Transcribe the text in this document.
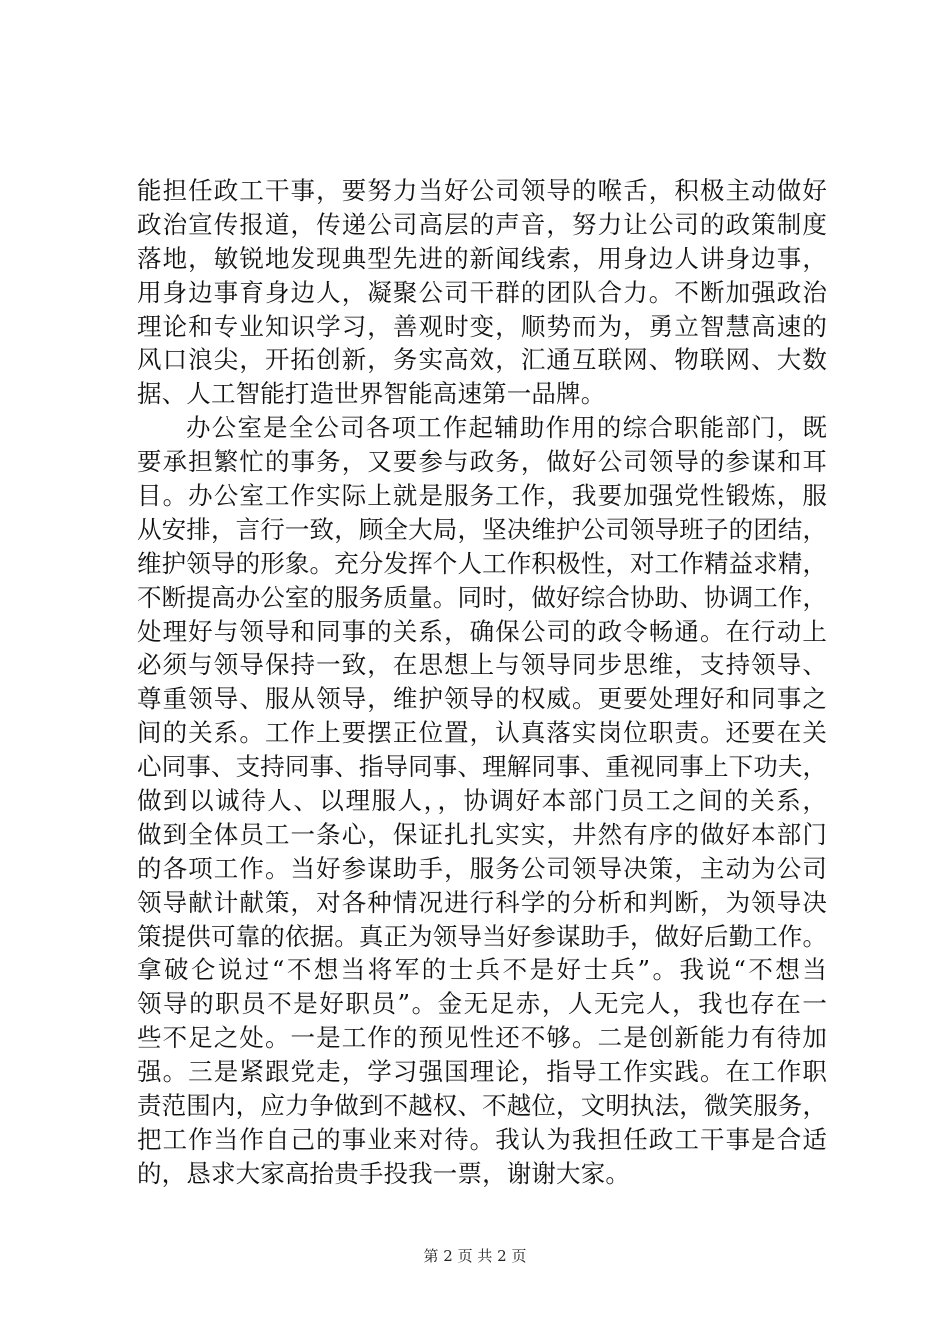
能担任政工干事，要努力当好公司领导的喉舌，积极主动做好
政治宣传报道，传递公司高层的声音，努力让公司的政策制度
落地，敏锐地发现典型先进的新闻线索，用身边人讲身边事，
用身边事育身边人，凝聚公司干群的团队合力。不断加强政治
理论和专业知识学习，善观时变，顺势而为，勇立智慧高速的
风口浪尖，开拓创新，务实高效，汇通互联网、物联网、大数
据、人工智能打造世界智能高速第一品牌。
办公室是全公司各项工作起辅助作用的综合职能部门，既
要承担繁忙的事务，又要参与政务，做好公司领导的参谋和耳
目。办公室工作实际上就是服务工作，我要加强党性锻炼，服
从安排，言行一致，顾全大局，坚决维护公司领导班子的团结，
维护领导的形象。充分发挥个人工作积极性，对工作精益求精，
不断提高办公室的服务质量。同时，做好综合协助、协调工作，
处理好与领导和同事的关系，确保公司的政令畅通。在行动上
必须与领导保持一致，在思想上与领导同步思维，支持领导、
尊重领导、服从领导，维护领导的权威。更要处理好和同事之
间的关系。工作上要摆正位置，认真落实岗位职责。还要在关
心同事、支持同事、指导同事、理解同事、重视同事上下功夫，
做到以诚待人、以理服人，，协调好本部门员工之间的关系，
做到全体员工一条心，保证扎扎实实，井然有序的做好本部门
的各项工作。当好参谋助手，服务公司领导决策，主动为公司
领导献计献策，对各种情况进行科学的分析和判断，为领导决
策提供可靠的依据。真正为领导当好参谋助手，做好后勤工作。
拿破仑说过“不想当将军的士兵不是好士兵”。我说“不想当
领导的职员不是好职员”。金无足赤，人无完人，我也存在一
些不足之处。一是工作的预见性还不够。二是创新能力有待加
强。三是紧跟党走，学习强国理论，指导工作实践。在工作职
责范围内，应力争做到不越权、不越位，文明执法，微笑服务，
把工作当作自己的事业来对待。我认为我担任政工干事是合适
的，恳求大家高抬贵手投我一票，谢谢大家。
第 2 页 共 2 页
